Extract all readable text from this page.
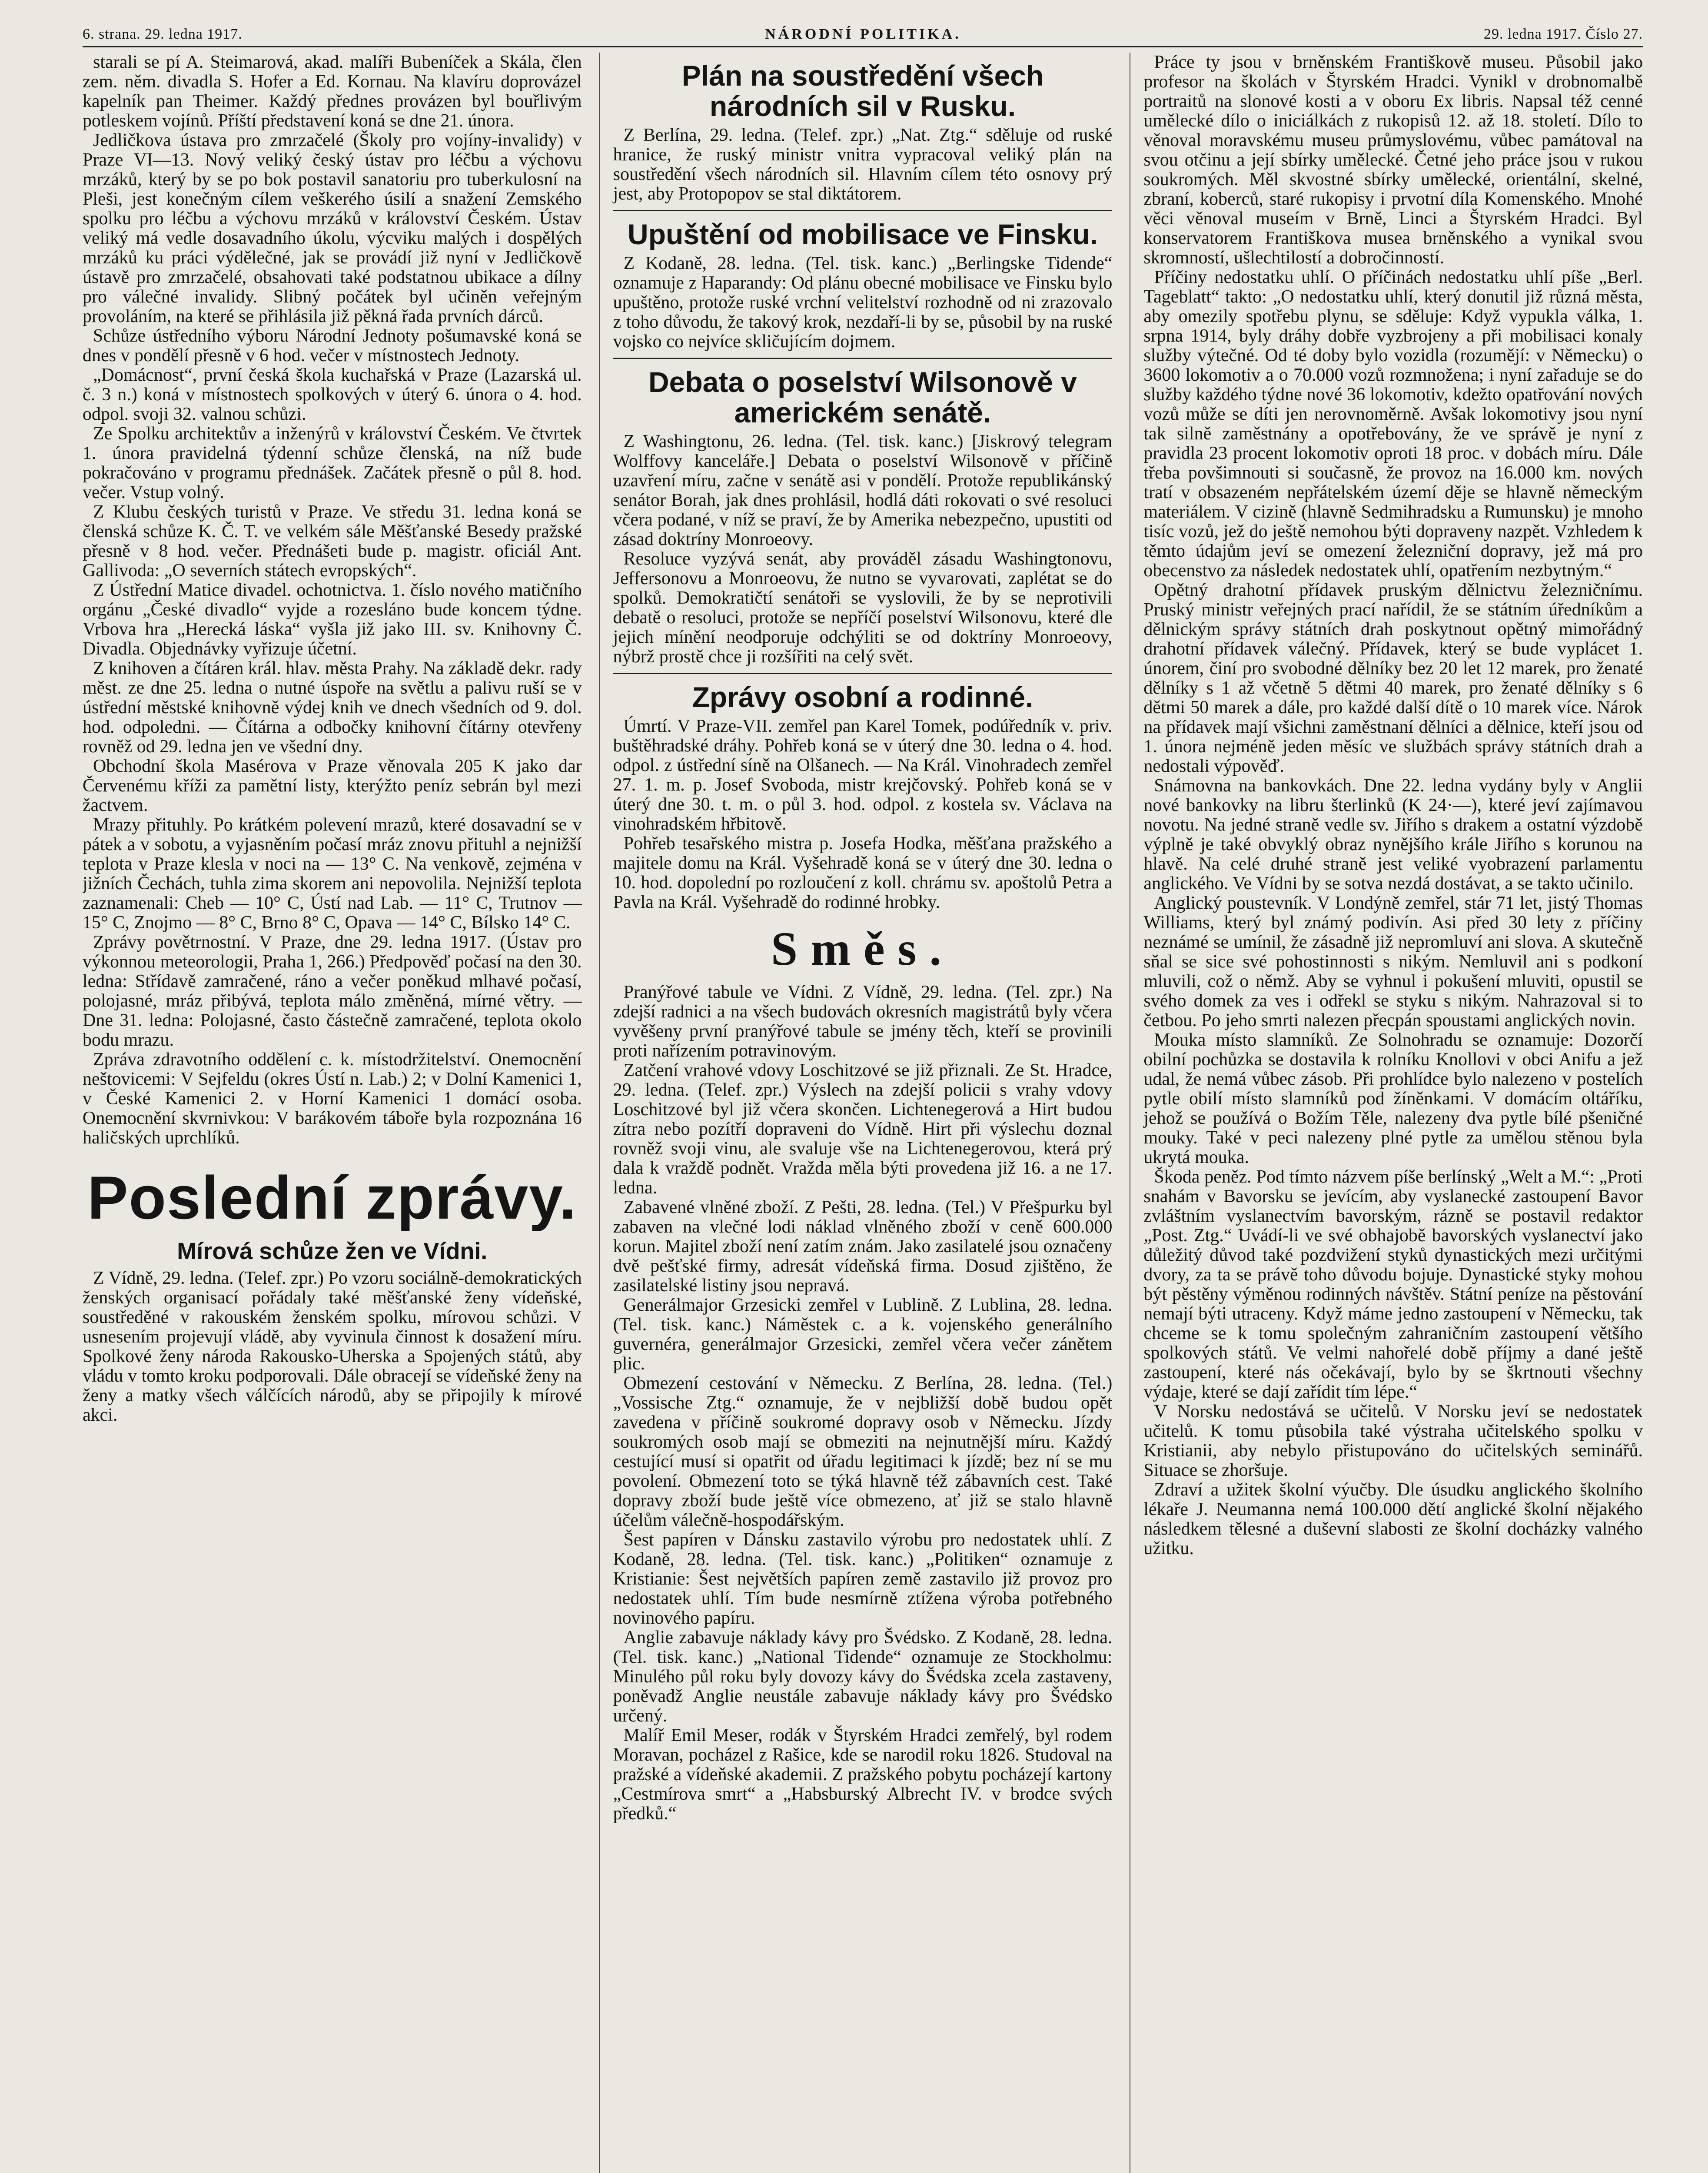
6. strana. 29. ledna 1917.	NÁRODNÍ POLITIKA.	29. ledna 1917. Číslo 27.

starali se pí A. Steimarová, akad. malíři Bubeníček a Skála, člen zem. něm. divadla S. Hofer a Ed. Kornau. Na klavíru doprovázel kapelník pan Theimer. Každý přednes provázen byl bouřlivým potleskem vojínů. Příští představení koná se dne 21. února.

Jedličkova ústava pro zmrzačelé (Školy pro vojíny-invalidy) v Praze VI—13. Nový veliký český ústav pro léčbu a výchovu mrzáků, který by se po bok postavil sanatoriu pro tuberkulosní na Pleši, jest konečným cílem veškerého úsilí a snažení Zemského spolku pro léčbu a výchovu mrzáků v království Českém. Ústav veliký má vedle dosavadního úkolu, výcviku malých i dospělých mrzáků ku práci výdělečné, jak se provádí již nyní v Jedličkově ústavě pro zmrzačelé, obsahovati také podstatnou ubikace a dílny pro válečné invalidy. Slibný počátek byl učiněn veřejným provoláním, na které se přihlásila již pěkná řada prvních dárců.

Schůze ústředního výboru Národní Jednoty pošumavské koná se dnes v pondělí přesně v 6 hod. večer v místnostech Jednoty.

„Domácnost“, první česká škola kuchařská v Praze (Lazarská ul. č. 3 n.) koná v místnostech spolkových v úterý 6. února o 4. hod. odpol. svoji 32. valnou schůzi.

Ze Spolku architektův a inženýrů v království Českém. Ve čtvrtek 1. února pravidelná týdenní schůze členská, na níž bude pokračováno v programu přednášek. Začátek přesně o půl 8. hod. večer. Vstup volný.

Z Klubu českých turistů v Praze. Ve středu 31. ledna koná se členská schůze K. Č. T. ve velkém sále Měšťanské Besedy pražské přesně v 8 hod. večer. Přednášeti bude p. magistr. oficiál Ant. Gallivoda: „O severních státech evropských“.

Z Ústřední Matice divadel. ochotnictva. 1. číslo nového matičního orgánu „České divadlo“ vyjde a rozesláno bude koncem týdne. Vrbova hra „Herecká láska“ vyšla již jako III. sv. Knihovny Č. Divadla. Objednávky vyřizuje účetní.

Z knihoven a čítáren král. hlav. města Prahy. Na základě dekr. rady měst. ze dne 25. ledna o nutné úspoře na světlu a palivu ruší se v ústřední městské knihovně výdej knih ve dnech všedních od 9. dol. hod. odpoledni. — Čítárna a odbočky knihovní čítárny otevřeny rovněž od 29. ledna jen ve všední dny.

Obchodní škola Masérova v Praze věnovala 205 K jako dar Červenému kříži za pamětní listy, kterýžto peníz sebrán byl mezi žactvem.

Mrazy přituhly. Po krátkém polevení mrazů, které dosavadní se v pátek a v sobotu, a vyjasněním počasí mráz znovu přituhl a nejnižší teplota v Praze klesla v noci na — 13° C. Na venkově, zejména v jižních Čechách, tuhla zima skorem ani nepovolila. Nejnižší teplota zaznamenali: Cheb — 10° C, Ústí nad Lab. — 11° C, Trutnov — 15° C, Znojmo — 8° C, Brno 8° C, Opava — 14° C, Bílsko 14° C.

Zprávy povětrnostní. V Praze, dne 29. ledna 1917. (Ústav pro výkonnou meteorologii, Praha 1, 266.) Předpověď počasí na den 30. ledna: Střídavě zamračené, ráno a večer poněkud mlhavé počasí, polojasné, mráz přibývá, teplota málo změněná, mírné větry. — Dne 31. ledna: Polojasné, často částečně zamračené, teplota okolo bodu mrazu.

Zpráva zdravotního oddělení c. k. místodržitelství. Onemocnění neštovicemi: V Sejfeldu (okres Ústí n. Lab.) 2; v Dolní Kamenici 1, v České Kamenici 2. v Horní Kamenici 1 domácí osoba. Onemocnění skvrnivkou: V barákovém táboře byla rozpoznána 16 haličských uprchlíků.

Poslední zprávy.
Mírová schůze žen ve Vídni.

Z Vídně, 29. ledna. (Telef. zpr.) Po vzoru sociálně-demokratických ženských organisací pořádaly také měšťanské ženy vídeňské, soustředěné v rakouském ženském spolku, mírovou schůzi. V usnesením projevují vládě, aby vyvinula činnost k dosažení míru. Spolkové ženy národa Rakousko-Uherska a Spojených států, aby vládu v tomto kroku podporovali. Dále obracejí se vídeňské ženy na ženy a matky všech válčících národů, aby se připojily k mírové akci.

Plán na soustředění všech národních sil v Rusku.

Z Berlína, 29. ledna. (Telef. zpr.) „Nat. Ztg.“ sděluje od ruské hranice, že ruský ministr vnitra vypracoval veliký plán na soustředění všech národních sil. Hlavním cílem této osnovy prý jest, aby Protopopov se stal diktátorem.

Upuštění od mobilisace ve Finsku.

Z Kodaně, 28. ledna. (Tel. tisk. kanc.) „Berlingske Tidende“ oznamuje z Haparandy: Od plánu obecné mobilisace ve Finsku bylo upuštěno, protože ruské vrchní velitelství rozhodně od ni zrazovalo z toho důvodu, že takový krok, nezdaří-li by se, působil by na ruské vojsko co nejvíce skličujícím dojmem.

Debata o poselství Wilsonově v americkém senátě.

Z Washingtonu, 26. ledna. (Tel. tisk. kanc.) [Jiskrový telegram Wolffovy kanceláře.] Debata o poselství Wilsonově v příčině uzavření míru, začne v senátě asi v pondělí. Protože republikánský senátor Borah, jak dnes prohlásil, hodlá dáti rokovati o své resoluci včera podané, v níž se praví, že by Amerika nebezpečno, upustiti od zásad doktríny Monroeovy.

Resoluce vyzývá senát, aby prováděl zásadu Washingtonovu, Jeffersonovu a Monroeovu, že nutno se vyvarovati, zaplétat se do spolků. Demokratičtí senátoři se vyslovili, že by se neprotivili debatě o resoluci, protože se nepříčí poselství Wilsonovu, které dle jejich mínění neodporuje odchýliti se od doktríny Monroeovy, nýbrž prostě chce ji rozšířiti na celý svět.

Zprávy osobní a rodinné.

Úmrtí. V Praze-VII. zemřel pan Karel Tomek, podúředník v. priv. buštěhradské dráhy. Pohřeb koná se v úterý dne 30. ledna o 4. hod. odpol. z ústřední síně na Olšanech. — Na Král. Vinohradech zemřel 27. 1. m. p. Josef Svoboda, mistr krejčovský. Pohřeb koná se v úterý dne 30. t. m. o půl 3. hod. odpol. z kostela sv. Václava na vinohradském hřbitově.

Pohřeb tesařského mistra p. Josefa Hodka, měšťana pražského a majitele domu na Král. Vyšehradě koná se v úterý dne 30. ledna o 10. hod. dopolední po rozloučení z koll. chrámu sv. apoštolů Petra a Pavla na Král. Vyšehradě do rodinné hrobky.

Směs.

Pranýřové tabule ve Vídni. Z Vídně, 29. ledna. (Tel. zpr.) Na zdejší radnici a na všech budovách okresních magistrátů byly včera vyvěšeny první pranýřové tabule se jmény těch, kteří se provinili proti nařízením potravinovým.

Zatčení vrahové vdovy Loschitzové se již přiznali. Ze St. Hradce, 29. ledna. (Telef. zpr.) Výslech na zdejší policii s vrahy vdovy Loschitzové byl již včera skončen. Lichtenegerová a Hirt budou zítra nebo pozítří dopraveni do Vídně. Hirt při výslechu doznal rovněž svoji vinu, ale svaluje vše na Lichtenegerovou, která prý dala k vraždě podnět. Vražda měla býti provedena již 16. a ne 17. ledna.

Zabavené vlněné zboží. Z Pešti, 28. ledna. (Tel.) V Přešpurku byl zabaven na vlečné lodi náklad vlněného zboží v ceně 600.000 korun. Majitel zboží není zatím znám. Jako zasilatelé jsou označeny dvě pešťské firmy, adresát vídeňská firma. Dosud zjištěno, že zasilatelské listiny jsou nepravá.

Generálmajor Grzesicki zemřel v Lublině. Z Lublina, 28. ledna. (Tel. tisk. kanc.) Náměstek c. a k. vojenského generálního guvernéra, generálmajor Grzesicki, zemřel včera večer zánětem plic.

Obmezení cestování v Německu. Z Berlína, 28. ledna. (Tel.) „Vossische Ztg.“ oznamuje, že v nejbližší době budou opět zavedena v příčině soukromé dopravy osob v Německu. Jízdy soukromých osob mají se obmeziti na nejnutnější míru. Každý cestující musí si opatřit od úřadu legitimaci k jízdě; bez ní se mu povolení. Obmezení toto se týká hlavně též zábavních cest. Také dopravy zboží bude ještě více obmezeno, ať již se stalo hlavně účelům válečně-hospodářským.

Šest papíren v Dánsku zastavilo výrobu pro nedostatek uhlí. Z Kodaně, 28. ledna. (Tel. tisk. kanc.) „Politiken“ oznamuje z Kristianie: Šest největších papíren země zastavilo již provoz pro nedostatek uhlí. Tím bude nesmírně ztížena výroba potřebného novinového papíru.

Anglie zabavuje náklady kávy pro Švédsko. Z Kodaně, 28. ledna. (Tel. tisk. kanc.) „National Tidende“ oznamuje ze Stockholmu: Minulého půl roku byly dovozy kávy do Švédska zcela zastaveny, poněvadž Anglie neustále zabavuje náklady kávy pro Švédsko určený.

Malíř Emil Meser, rodák v Štyrském Hradci zemřelý, byl rodem Moravan, pocházel z Rašice, kde se narodil roku 1826. Studoval na pražské a vídeňské akademii. Z pražského pobytu pocházejí kartony „Cestmírova smrt“ a „Habsburský Albrecht IV. v brodce svých předků.“

Práce ty jsou v brněnském Františkově museu. Působil jako profesor na školách v Štyrském Hradci. Vynikl v drobnomalbě portraitů na slonové kosti a v oboru Ex libris. Napsal též cenné umělecké dílo o iniciálkách z rukopisů 12. až 18. století. Dílo to věnoval moravskému museu průmyslovému, vůbec památoval na svou otčinu a její sbírky umělecké. Četné jeho práce jsou v rukou soukromých. Měl skvostné sbírky umělecké, orientální, skelné, zbraní, koberců, staré rukopisy i prvotní díla Komenského. Mnohé věci věnoval museím v Brně, Linci a Štyrském Hradci. Byl konservatorem Františkova musea brněnského a vynikal svou skromností, ušlechtilostí a dobročinností.

Příčiny nedostatku uhlí. O příčinách nedostatku uhlí píše „Berl. Tageblatt“ takto: „O nedostatku uhlí, který donutil již různá města, aby omezily spotřebu plynu, se sděluje: Když vypukla válka, 1. srpna 1914, byly dráhy dobře vyzbrojeny a při mobilisaci konaly služby výtečné. Od té doby bylo vozidla (rozumějí: v Německu) o 3600 lokomotiv a o 70.000 vozů rozmnožena; i nyní zařaduje se do služby každého týdne nové 36 lokomotiv, kdežto opatřování nových vozů může se díti jen nerovnoměrně. Avšak lokomotivy jsou nyní tak silně zaměstnány a opotřebovány, že ve správě je nyní z pravidla 23 procent lokomotiv oproti 18 proc. v dobách míru. Dále třeba povšimnouti si současně, že provoz na 16.000 km. nových tratí v obsazeném nepřátelském území děje se hlavně německým materiálem. V cizině (hlavně Sedmihradsku a Rumunsku) je mnoho tisíc vozů, jež do ještě nemohou býti dopraveny nazpět. Vzhledem k těmto údajům jeví se omezení železniční dopravy, jež má pro obecenstvo za následek nedostatek uhlí, opatřením nezbytným.“

Opětný drahotní přídavek pruským dělnictvu železničnímu. Pruský ministr veřejných prací nařídil, že se státním úředníkům a dělnickým správy státních drah poskytnout opětný mimořádný drahotní přídavek válečný. Přídavek, který se bude vyplácet 1. únorem, činí pro svobodné dělníky bez 20 let 12 marek, pro ženaté dělníky s 1 až včetně 5 dětmi 40 marek, pro ženaté dělníky s 6 dětmi 50 marek a dále, pro každé další dítě o 10 marek více. Nárok na přídavek mají všichni zaměstnaní dělníci a dělnice, kteří jsou od 1. února nejméně jeden měsíc ve službách správy státních drah a nedostali výpověď.

Snámovna na bankovkách. Dne 22. ledna vydány byly v Anglii nové bankovky na libru šterlinků (K 24·—), které jeví zajímavou novotu. Na jedné straně vedle sv. Jiřího s drakem a ostatní výzdobě výplně je také obvyklý obraz nynějšího krále Jiřího s korunou na hlavě. Na celé druhé straně jest veliké vyobrazení parlamentu anglického. Ve Vídni by se sotva nezdá dostávat, a se takto učinilo.

Anglický poustevník. V Londýně zemřel, stár 71 let, jistý Thomas Williams, který byl známý podivín. Asi před 30 lety z příčiny neznámé se umínil, že zásadně již nepromluví ani slova. A skutečně sňal se sice své pohostinnosti s nikým. Nemluvil ani s podkoní mluvili, což o němž. Aby se vyhnul i pokušení mluviti, opustil se svého domek za ves i odřekl se styku s nikým. Nahrazoval si to četbou. Po jeho smrti nalezen přecpán spoustami anglických novin.

Mouka místo slamníků. Ze Solnohradu se oznamuje: Dozorčí obilní pochůzka se dostavila k rolníku Knollovi v obci Anifu a jež udal, že nemá vůbec zásob. Při prohlídce bylo nalezeno v postelích pytle obilí místo slamníků pod žíněnkami. V domácím oltáříku, jehož se používá o Božím Těle, nalezeny dva pytle bílé pšeničné mouky. Také v peci nalezeny plné pytle za umělou stěnou byla ukrytá mouka.

Škoda peněz. Pod tímto názvem píše berlínský „Welt a M.“: „Proti snahám v Bavorsku se jevícím, aby vyslanecké zastoupení Bavor zvláštním vyslanectvím bavorským, rázně se postavil redaktor „Post. Ztg.“ Uvádí-li ve své obhajobě bavorských vyslanectví jako důležitý důvod také pozdvižení styků dynastických mezi určitými dvory, za ta se právě toho důvodu bojuje. Dynastické styky mohou být pěstěny výměnou rodinných návštěv. Státní peníze na pěstování nemají býti utraceny. Když máme jedno zastoupení v Německu, tak chceme se k tomu společným zahraničním zastoupení většího spolkových států. Ve velmi nahořelé době příjmy a dané ještě zastoupení, které nás očekávají, bylo by se škrtnouti všechny výdaje, které se dají zařídit tím lépe.“

V Norsku nedostává se učitelů. V Norsku jeví se nedostatek učitelů. K tomu působila také výstraha učitelského spolku v Kristianii, aby nebylo přistupováno do učitelských seminářů. Situace se zhoršuje.

Zdraví a užitek školní výučby. Dle úsudku anglického školního lékaře J. Neumanna nemá 100.000 dětí anglické školní nějakého následkem tělesné a duševní slabosti ze školní docházky valného užitku.
